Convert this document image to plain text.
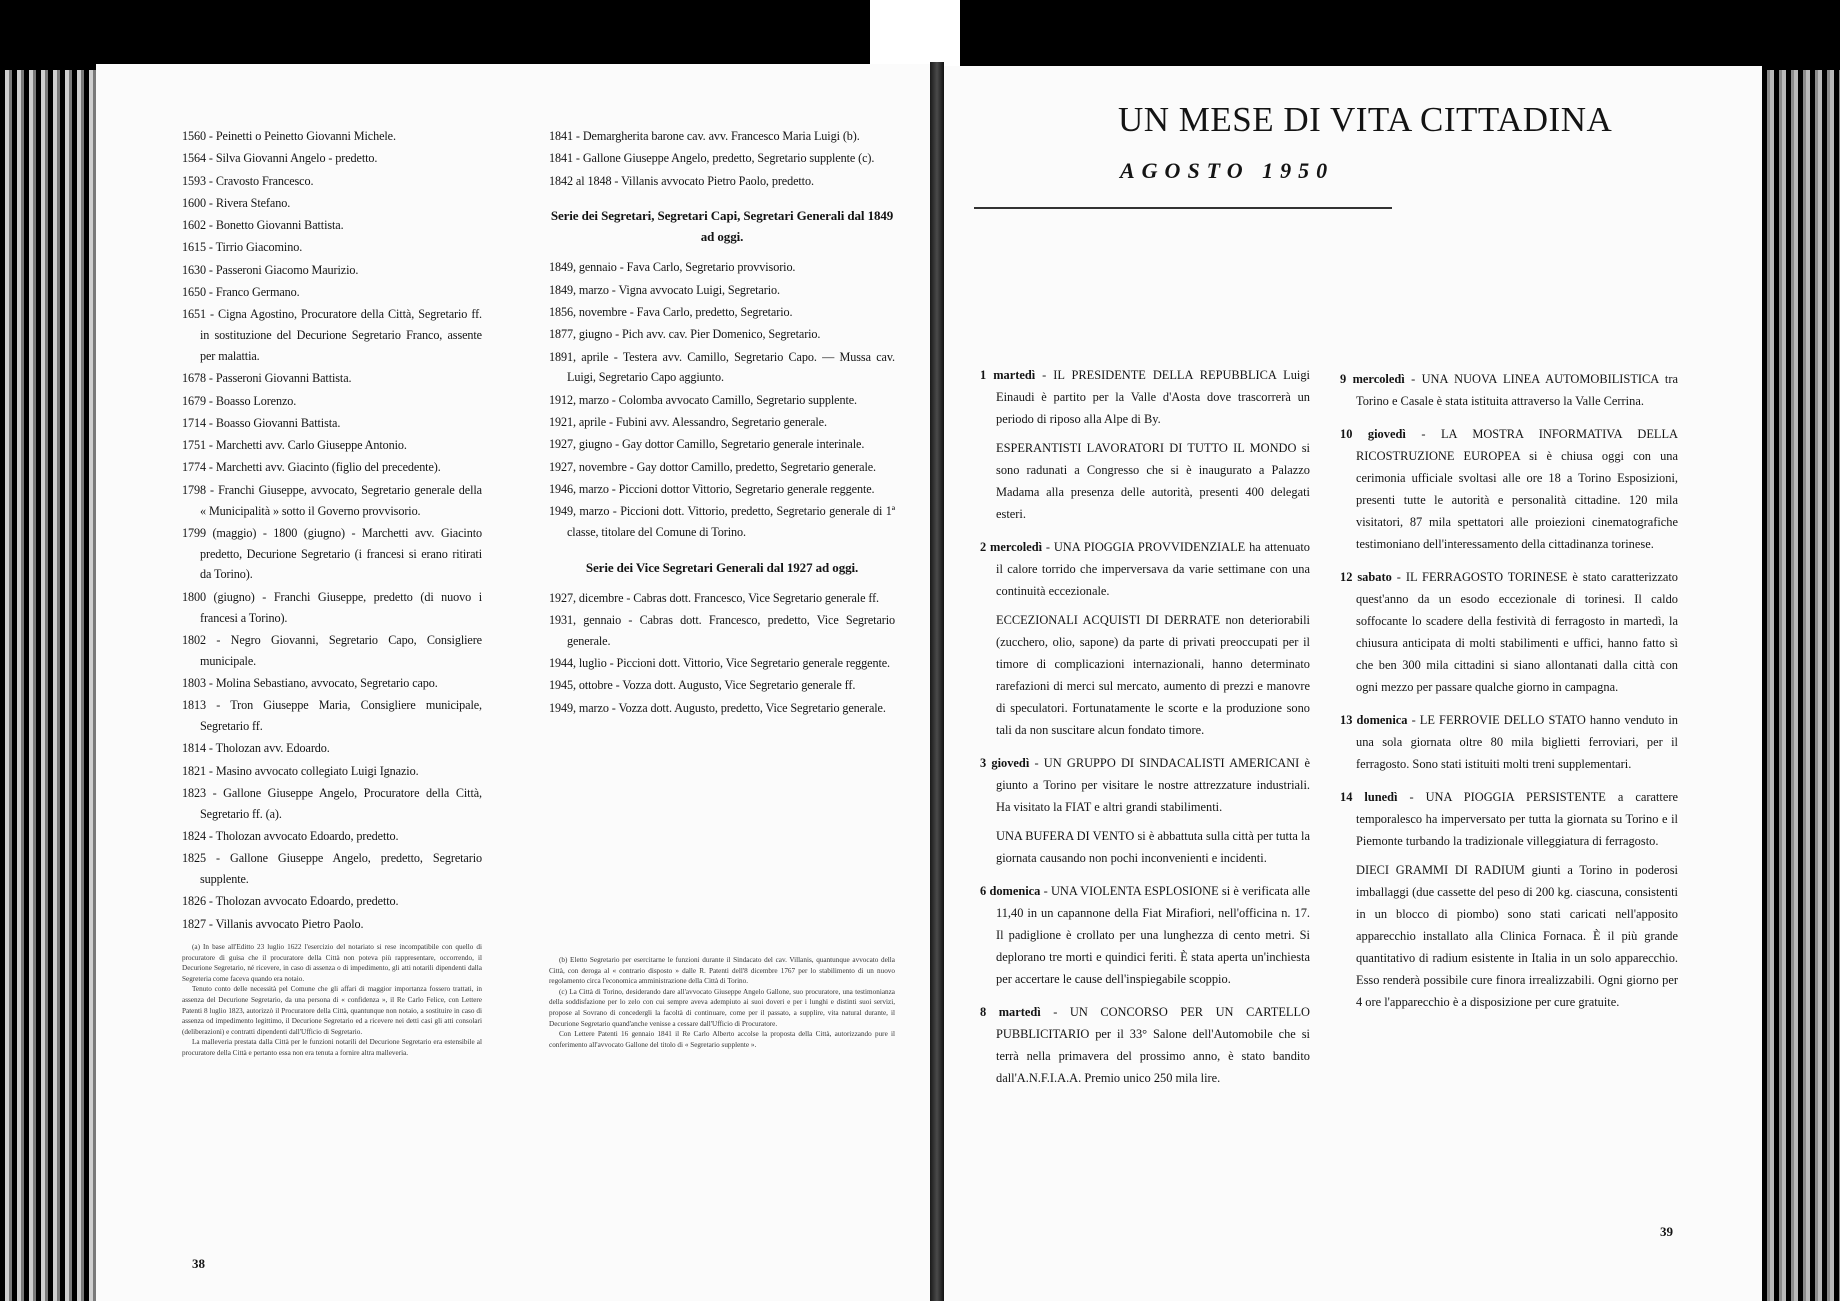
1560 - Peinetti o Peinetto Giovanni Michele.

1564 - Silva Giovanni Angelo - predetto.

1593 - Cravosto Francesco.

1600 - Rivera Stefano.

1602 - Bonetto Giovanni Battista.

1615 - Tirrio Giacomino.

1630 - Passeroni Giacomo Maurizio.

1650 - Franco Germano.

1651 - Cigna Agostino, Procuratore della Città, Segretario ff. in sostituzione del Decurione Segretario Franco, assente per malattia.

1678 - Passeroni Giovanni Battista.

1679 - Boasso Lorenzo.

1714 - Boasso Giovanni Battista.

1751 - Marchetti avv. Carlo Giuseppe Antonio.

1774 - Marchetti avv. Giacinto (figlio del precedente).

1798 - Franchi Giuseppe, avvocato, Segretario generale della « Municipalità » sotto il Governo provvisorio.

1799 (maggio) - 1800 (giugno) - Marchetti avv. Giacinto predetto, Decurione Segretario (i francesi si erano ritirati da Torino).

1800 (giugno) - Franchi Giuseppe, predetto (di nuovo i francesi a Torino).

1802 - Negro Giovanni, Segretario Capo, Consigliere municipale.

1803 - Molina Sebastiano, avvocato, Segretario capo.

1813 - Tron Giuseppe Maria, Consigliere municipale, Segretario ff.

1814 - Tholozan avv. Edoardo.

1821 - Masino avvocato collegiato Luigi Ignazio.

1823 - Gallone Giuseppe Angelo, Procuratore della Città, Segretario ff. (a).

1824 - Tholozan avvocato Edoardo, predetto.

1825 - Gallone Giuseppe Angelo, predetto, Segretario supplente.

1826 - Tholozan avvocato Edoardo, predetto.

1827 - Villanis avvocato Pietro Paolo.

1841 - Demargherita barone cav. avv. Francesco Maria Luigi (b).

1841 - Gallone Giuseppe Angelo, predetto, Segretario supplente (c).

1842 al 1848 - Villanis avvocato Pietro Paolo, predetto.

Serie dei Segretari, Segretari Capi, Segretari Generali dal 1849 ad oggi.

1849, gennaio - Fava Carlo, Segretario provvisorio.

1849, marzo - Vigna avvocato Luigi, Segretario.

1856, novembre - Fava Carlo, predetto, Segretario.

1877, giugno - Pich avv. cav. Pier Domenico, Segretario.

1891, aprile - Testera avv. Camillo, Segretario Capo. — Mussa cav. Luigi, Segretario Capo aggiunto.

1912, marzo - Colomba avvocato Camillo, Segretario supplente.

1921, aprile - Fubini avv. Alessandro, Segretario generale.

1927, giugno - Gay dottor Camillo, Segretario generale interinale.

1927, novembre - Gay dottor Camillo, predetto, Segretario generale.

1946, marzo - Piccioni dottor Vittorio, Segretario generale reggente.

1949, marzo - Piccioni dott. Vittorio, predetto, Segretario generale di 1ª classe, titolare del Comune di Torino.

Serie dei Vice Segretari Generali dal 1927 ad oggi.

1927, dicembre - Cabras dott. Francesco, Vice Segretario generale ff.

1931, gennaio - Cabras dott. Francesco, predetto, Vice Segretario generale.

1944, luglio - Piccioni dott. Vittorio, Vice Segretario generale reggente.

1945, ottobre - Vozza dott. Augusto, Vice Segretario generale ff.

1949, marzo - Vozza dott. Augusto, predetto, Vice Segretario generale.

(a) In base all'Editto 23 luglio 1622 l'esercizio del notariato si rese incompatibile con quello di procuratore di guisa che il procuratore della Città non poteva più rappresentare, occorrendo, il Decurione Segretario, né ricevere, in caso di assenza o di impedimento, gli atti notarili dipendenti dalla Segreteria come faceva quando era notaio.

Tenuto conto delle necessità pel Comune che gli affari di maggior importanza fossero trattati, in assenza del Decurione Segretario, da una persona di « confidenza », il Re Carlo Felice, con Lettere Patenti 8 luglio 1823, autorizzò il Procuratore della Città, quantunque non notaio, a sostituire in caso di assenza od impedimento legittimo, il Decurione Segretario ed a ricevere nei detti casi gli atti consolari (deliberazioni) e contratti dipendenti dall'Ufficio di Segretario.

La malleveria prestata dalla Città per le funzioni notarili del Decurione Segretario era estensibile al procuratore della Città e pertanto essa non era tenuta a fornire altra malleveria.

(b) Eletto Segretario per esercitarne le funzioni durante il Sindacato del cav. Villanis, quantunque avvocato della Città, con deroga al « contrario disposto » dalle R. Patenti dell'8 dicembre 1767 per lo stabilimento di un nuovo regolamento circa l'economica amministrazione della Città di Torino.

(c) La Città di Torino, desiderando dare all'avvocato Giuseppe Angelo Gallone, suo procuratore, una testimonianza della soddisfazione per lo zelo con cui sempre aveva adempiuto ai suoi doveri e per i lunghi e distinti suoi servizi, propose al Sovrano di concedergli la facoltà di continuare, come per il passato, a supplire, vita natural durante, il Decurione Segretario quand'anche venisse a cessare dall'Ufficio di Procuratore.

Con Lettere Patenti 16 gennaio 1841 il Re Carlo Alberto accolse la proposta della Città, autorizzando pure il conferimento all'avvocato Gallone del titolo di « Segretario supplente ».

38
UN MESE DI VITA CITTADINA
AGOSTO 1950

1 martedì - IL PRESIDENTE DELLA REPUBBLICA Luigi Einaudi è partito per la Valle d'Aosta dove trascorrerà un periodo di riposo alla Alpe di By.

ESPERANTISTI LAVORATORI DI TUTTO IL MONDO si sono radunati a Congresso che si è inaugurato a Palazzo Madama alla presenza delle autorità, presenti 400 delegati esteri.

2 mercoledì - UNA PIOGGIA PROVVIDENZIALE ha attenuato il calore torrido che imperversava da varie settimane con una continuità eccezionale.

ECCEZIONALI ACQUISTI DI DERRATE non deteriorabili (zucchero, olio, sapone) da parte di privati preoccupati per il timore di complicazioni internazionali, hanno determinato rarefazioni di merci sul mercato, aumento di prezzi e manovre di speculatori. Fortunatamente le scorte e la produzione sono tali da non suscitare alcun fondato timore.

3 giovedì - UN GRUPPO DI SINDACALISTI AMERICANI è giunto a Torino per visitare le nostre attrezzature industriali. Ha visitato la FIAT e altri grandi stabilimenti.

UNA BUFERA DI VENTO si è abbattuta sulla città per tutta la giornata causando non pochi inconvenienti e incidenti.

6 domenica - UNA VIOLENTA ESPLOSIONE si è verificata alle 11,40 in un capannone della Fiat Mirafiori, nell'officina n. 17. Il padiglione è crollato per una lunghezza di cento metri. Si deplorano tre morti e quindici feriti. È stata aperta un'inchiesta per accertare le cause dell'inspiegabile scoppio.

8 martedì - UN CONCORSO PER UN CARTELLO PUBBLICITARIO per il 33° Salone dell'Automobile che si terrà nella primavera del prossimo anno, è stato bandito dall'A.N.F.I.A.A. Premio unico 250 mila lire.

9 mercoledì - UNA NUOVA LINEA AUTOMOBILISTICA tra Torino e Casale è stata istituita attraverso la Valle Cerrina.

10 giovedì - LA MOSTRA INFORMATIVA DELLA RICOSTRUZIONE EUROPEA si è chiusa oggi con una cerimonia ufficiale svoltasi alle ore 18 a Torino Esposizioni, presenti tutte le autorità e personalità cittadine. 120 mila visitatori, 87 mila spettatori alle proiezioni cinematografiche testimoniano dell'interessamento della cittadinanza torinese.

12 sabato - IL FERRAGOSTO TORINESE è stato caratterizzato quest'anno da un esodo eccezionale di torinesi. Il caldo soffocante lo scadere della festività di ferragosto in martedì, la chiusura anticipata di molti stabilimenti e uffici, hanno fatto sì che ben 300 mila cittadini si siano allontanati dalla città con ogni mezzo per passare qualche giorno in campagna.

13 domenica - LE FERROVIE DELLO STATO hanno venduto in una sola giornata oltre 80 mila biglietti ferroviari, per il ferragosto. Sono stati istituiti molti treni supplementari.

14 lunedì - UNA PIOGGIA PERSISTENTE a carattere temporalesco ha imperversato per tutta la giornata su Torino e il Piemonte turbando la tradizionale villeggiatura di ferragosto.

DIECI GRAMMI DI RADIUM giunti a Torino in poderosi imballaggi (due cassette del peso di 200 kg. ciascuna, consistenti in un blocco di piombo) sono stati caricati nell'apposito apparecchio installato alla Clinica Fornaca. È il più grande quantitativo di radium esistente in Italia in un solo apparecchio. Esso renderà possibile cure finora irrealizzabili. Ogni giorno per 4 ore l'apparecchio è a disposizione per cure gratuite.

39
